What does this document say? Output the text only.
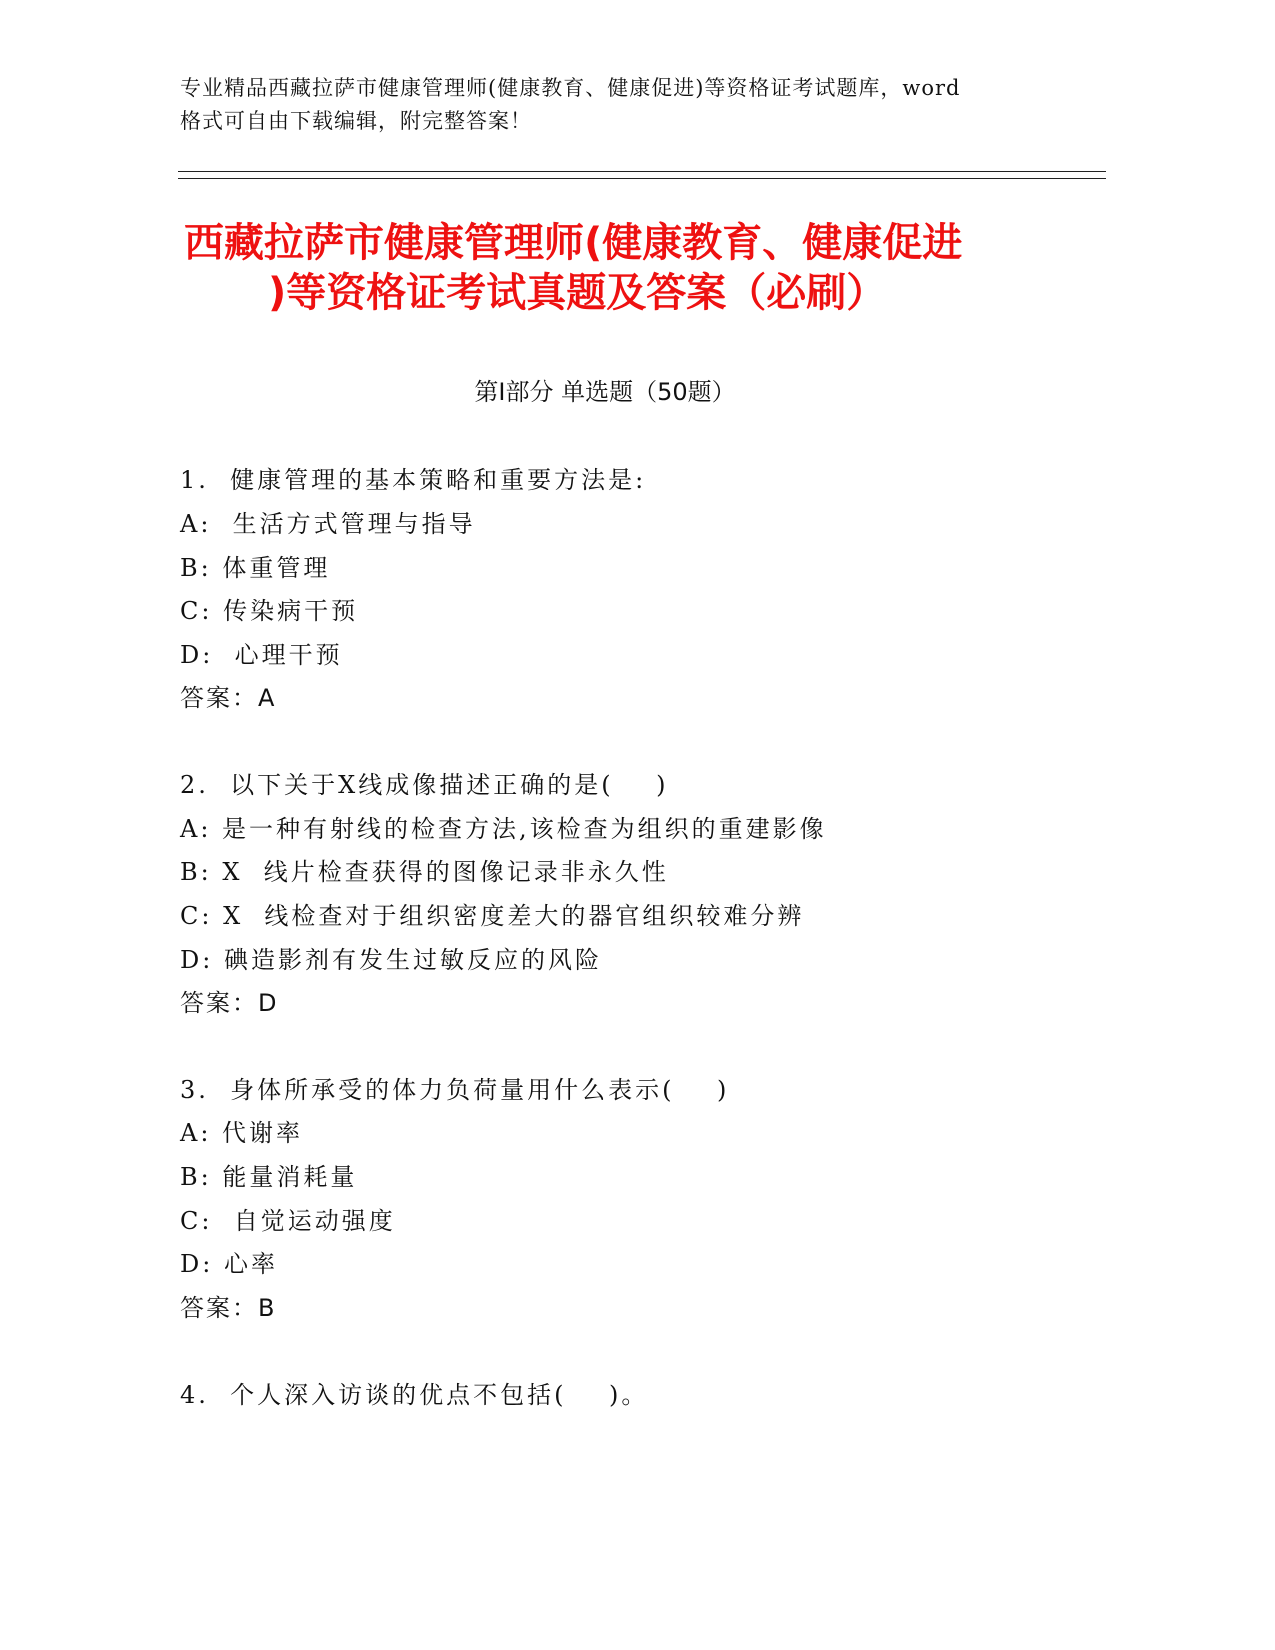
专业精品西藏拉萨市健康管理师(健康教育、健康促进)等资格证考试题库，word
格式可自由下载编辑，附完整答案！
西藏拉萨市健康管理师(健康教育、健康促进
)等资格证考试真题及答案（必刷）
第Ⅰ部分 单选题（50题）
1.  健康管理的基本策略和重要方法是:
A:  生活方式管理与指导
B: 体重管理
C: 传染病干预
D:  心理干预
答案：A
2.  以下关于X线成像描述正确的是(    )
A: 是一种有射线的检查方法,该检查为组织的重建影像
B: X  线片检查获得的图像记录非永久性
C: X  线检查对于组织密度差大的器官组织较难分辨
D: 碘造影剂有发生过敏反应的风险
答案：D
3.  身体所承受的体力负荷量用什么表示(    )
A: 代谢率
B: 能量消耗量
C:  自觉运动强度
D: 心率
答案：B
4.  个人深入访谈的优点不包括(    )。
